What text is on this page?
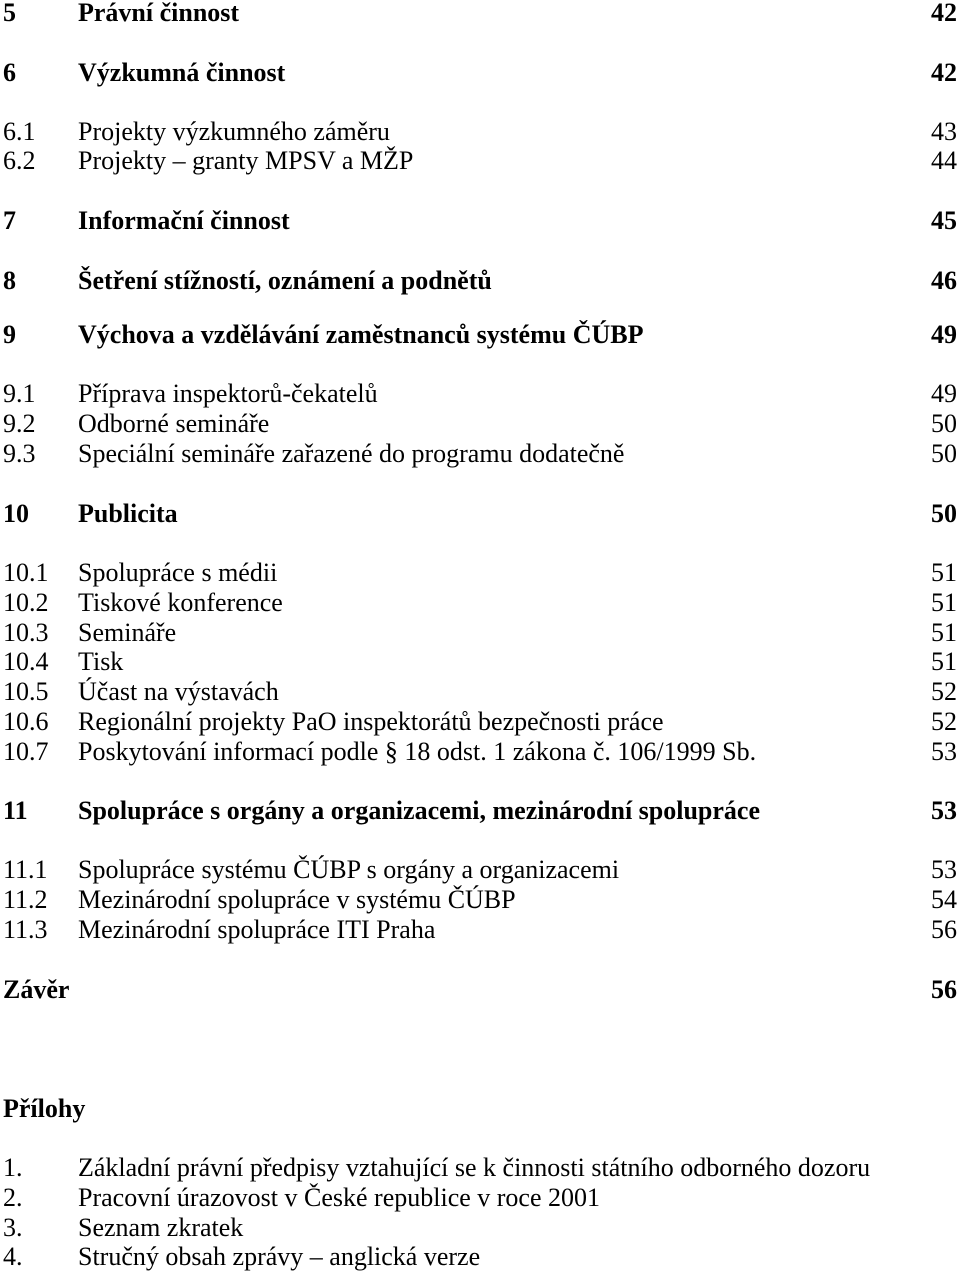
5 Právní činnost	42
6 Výzkumná činnost	42
6.1 Projekty výzkumného záměru	43
6.2 Projekty – granty MPSV a MŽP	44
7 Informační činnost	45
8 Šetření stížností, oznámení a podnětů	46
9 Výchova a vzdělávání zaměstnanců systému ČÚBP	49
9.1 Příprava inspektorů-čekatelů	49
9.2 Odborné semináře	50
9.3 Speciální semináře zařazené do programu dodatečně	50
10 Publicita	50
10.1 Spolupráce s médii	51
10.2 Tiskové konference	51
10.3 Semináře	51
10.4 Tisk	51
10.5 Účast na výstavách	52
10.6 Regionální projekty PaO inspektorátů bezpečnosti práce	52
10.7 Poskytování informací podle § 18 odst. 1 zákona č. 106/1999 Sb.	53
11 Spolupráce s orgány a organizacemi, mezinárodní spolupráce	53
11.1 Spolupráce systému ČÚBP s orgány a organizacemi	53
11.2 Mezinárodní spolupráce v systému ČÚBP	54
11.3 Mezinárodní spolupráce ITI Praha	56
Závěr	56
Přílohy
1. Základní právní předpisy vztahující se k činnosti státního odborného dozoru
2. Pracovní úrazovost v České republice v roce 2001
3. Seznam zkratek
4. Stručný obsah zprávy – anglická verze
